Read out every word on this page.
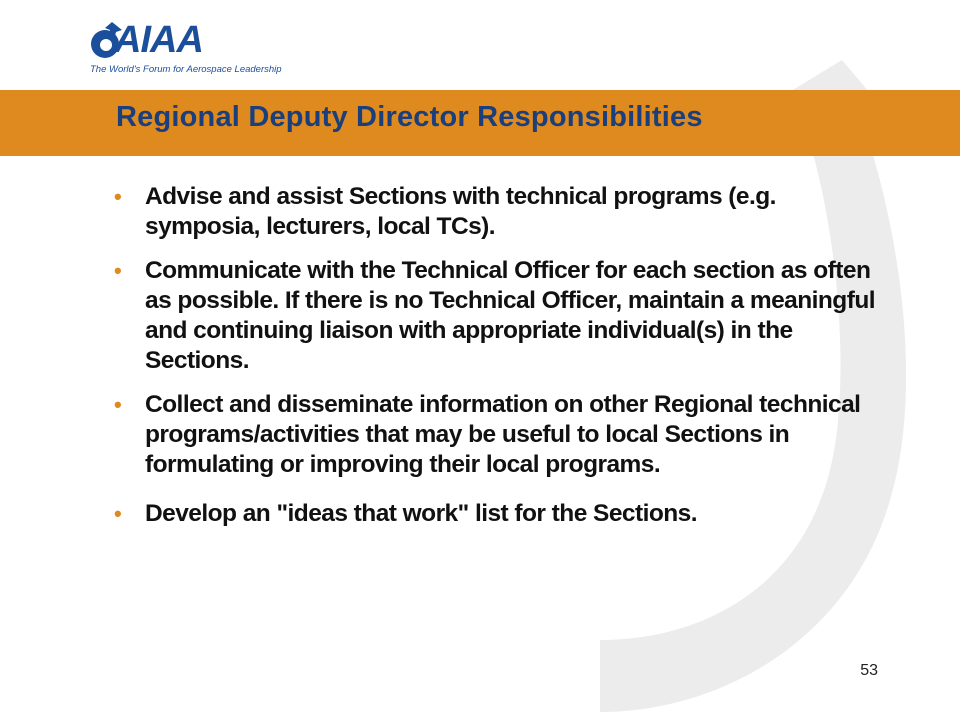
AIAA
The World's Forum for Aerospace Leadership
Regional Deputy Director Responsibilities
• Advise and assist Sections with technical programs (e.g. symposia, lecturers, local TCs).
• Communicate with the Technical Officer for each section as often as possible. If there is no Technical Officer, maintain a meaningful and continuing liaison with appropriate individual(s) in the Sections.
• Collect and disseminate information on other Regional technical programs/activities that may be useful to local Sections in formulating or improving their local programs.
• Develop an "ideas that work" list for the Sections.
53
